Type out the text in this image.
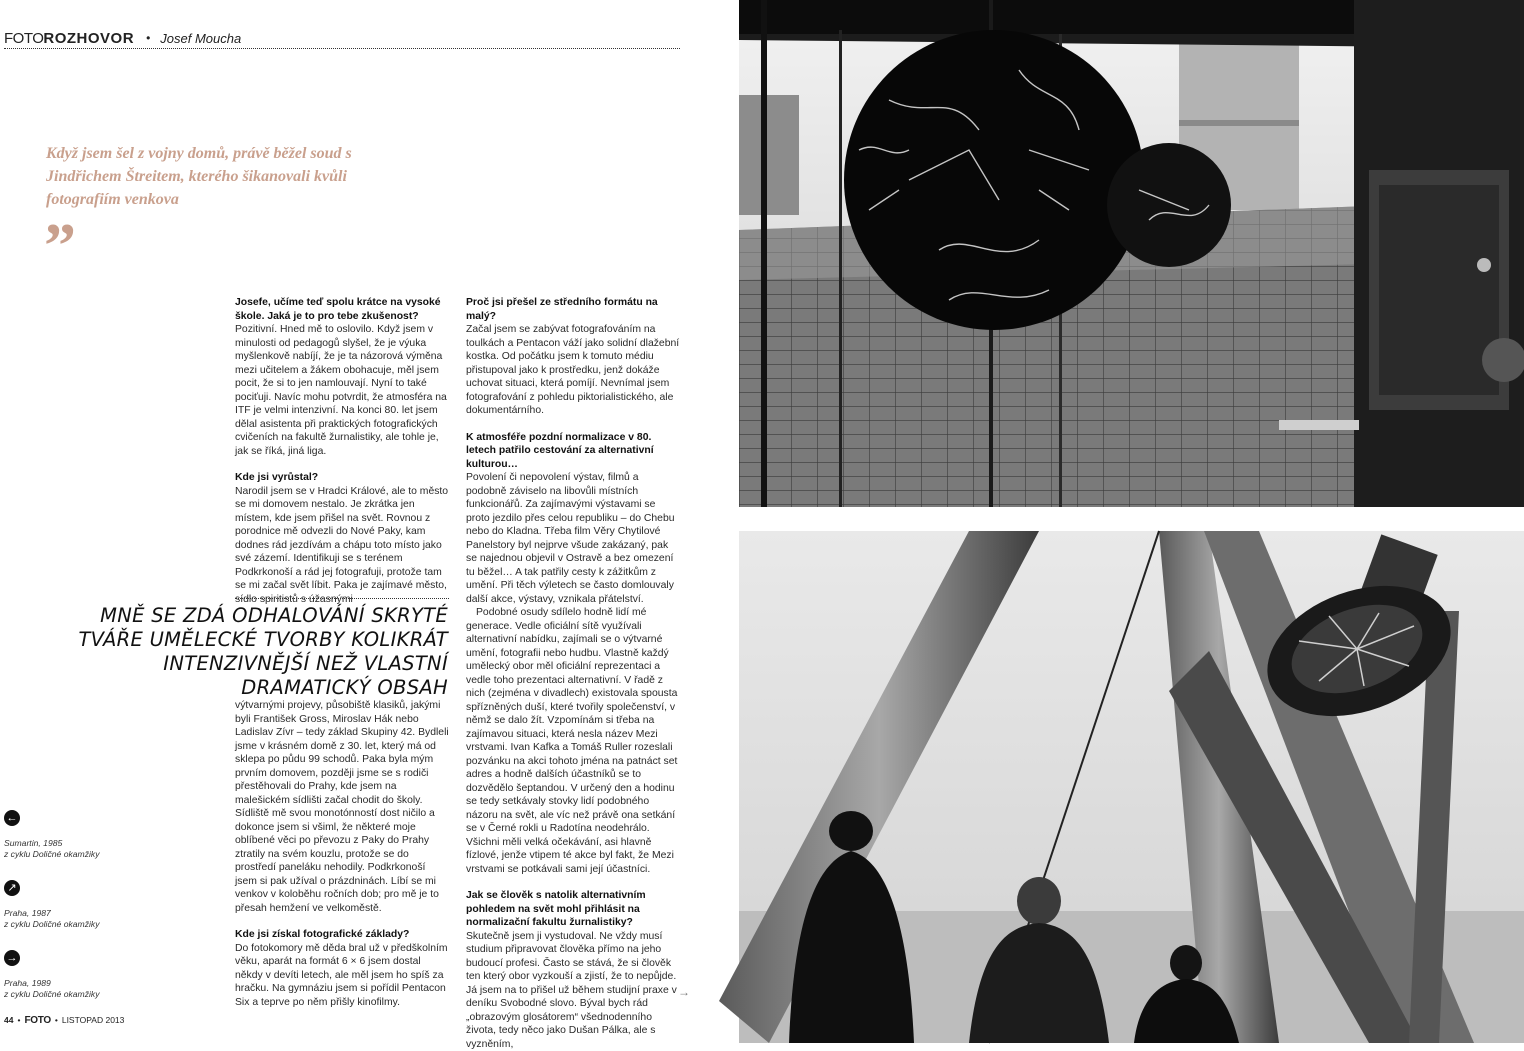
FOTOROZHOVOR • Josef Moucha
Když jsem šel z vojny domů, právě běžel soud s Jindřichem Štreitem, kterého šikanovali kvůli fotografiím venkova
”

Josefe, učíme teď spolu krátce na vysoké škole. Jaká je to pro tebe zkušenost?

Pozitivní. Hned mě to oslovilo. Když jsem v minulosti od pedagogů slyšel, že je výuka myšlenkově nabíjí, že je ta názorová výměna mezi učitelem a žákem obohacuje, měl jsem pocit, že si to jen namlouvají. Nyní to také pociťuji. Navíc mohu potvrdit, že atmosféra na ITF je velmi intenzivní. Na konci 80. let jsem dělal asistenta při praktických fotografických cvičeních na fakultě žurnalistiky, ale tohle je, jak se říká, jiná liga.

Kde jsi vyrůstal?

Narodil jsem se v Hradci Králové, ale to město se mi domovem nestalo. Je zkrátka jen místem, kde jsem přišel na svět. Rovnou z porodnice mě odvezli do Nové Paky, kam dodnes rád jezdívám a chápu toto místo jako své zázemí. Identifikuji se s terénem Podkrkonoší a rád jej fotografuji, protože tam se mi začal svět líbit. Paka je zajímavé město, sídlo spiritistů s úžasnými

MNĚ SE ZDÁ ODHALOVÁNÍ SKRYTÉ TVÁŘE UMĚLECKÉ TVORBY KOLIKRÁT INTENZIVNĚJŠÍ NEŽ VLASTNÍ DRAMATICKÝ OBSAH

výtvarnými projevy, působiště klasiků, jakými byli František Gross, Miroslav Hák nebo Ladislav Zívr – tedy základ Skupiny 42. Bydleli jsme v krásném domě z 30. let, který má od sklepa po půdu 99 schodů. Paka byla mým prvním domovem, později jsme se s rodiči přestěhovali do Prahy, kde jsem na malešickém sídlišti začal chodit do školy. Sídliště mě svou monotónností dost ničilo a dokonce jsem si všiml, že některé moje oblíbené věci po převozu z Paky do Prahy ztratily na svém kouzlu, protože se do prostředí paneláku nehodily. Podkrkonoší jsem si pak užíval o prázdninách. Líbí se mi venkov v koloběhu ročních dob; pro mě je to přesah hemžení ve velkoměstě.

Kde jsi získal fotografické základy?

Do fotokomory mě děda bral už v předškolním věku, aparát na formát 6 × 6 jsem dostal někdy v devíti letech, ale měl jsem ho spíš za hračku. Na gymnáziu jsem si pořídil Pentacon Six a teprve po něm přišly kinofilmy.

Proč jsi přešel ze středního formátu na malý?

Začal jsem se zabývat fotografováním na toulkách a Pentacon váží jako solidní dlažební kostka. Od počátku jsem k tomuto médiu přistupoval jako k prostředku, jenž dokáže uchovat situaci, která pomíjí. Nevnímal jsem fotografování z pohledu piktorialistického, ale dokumentárního.

K atmosféře pozdní normalizace v 80. letech patřilo cestování za alternativní kulturou…

Povolení či nepovolení výstav, filmů a podobně záviselo na libovůli místních funkcionářů. Za zajímavými výstavami se proto jezdilo přes celou republiku – do Chebu nebo do Kladna. Třeba film Věry Chytilové Panelstory byl nejprve všude zakázaný, pak se najednou objevil v Ostravě a bez omezení tu běžel… A tak patřily cesty k zážitkům z umění. Při těch výletech se často domlouvaly další akce, výstavy, vznikala přátelství.

Podobné osudy sdílelo hodně lidí mé generace. Vedle oficiální sítě využívali alternativní nabídku, zajímali se o výtvarné umění, fotografii nebo hudbu. Vlastně každý umělecký obor měl oficiální reprezentaci a vedle toho prezentaci alternativní. V řadě z nich (zejména v divadlech) existovala spousta spřízněných duší, které tvořily společenství, v němž se dalo žít. Vzpomínám si třeba na zajímavou situaci, která nesla název Mezi vrstvami. Ivan Kafka a Tomáš Ruller rozeslali pozvánku na akci tohoto jména na patnáct set adres a hodně dalších účastníků se to dozvědělo šeptandou. V určený den a hodinu se tedy setkávaly stovky lidí podobného názoru na svět, ale víc než právě ona setkání se v Černé rokli u Radotína neodehrálo. Všichni měli velká očekávání, asi hlavně fízlové, jenže vtipem té akce byl fakt, že Mezi vrstvami se potkávali sami její účastníci.

Jak se člověk s natolik alternativním pohledem na svět mohl přihlásit na normalizační fakultu žurnalistiky?

Skutečně jsem ji vystudoval. Ne vždy musí studium připravovat člověka přímo na jeho budoucí profesi. Často se stává, že si člověk ten který obor vyzkouší a zjistí, že to nepůjde. Já jsem na to přišel už během studijní praxe v deníku Svobodné slovo. Býval bych rád „obrazovým glosátorem“ všednodenního života, tedy něco jako Dušan Pálka, ale s vyzněním,

→
←
Sumartin, 1985
z cyklu Doličné okamžiky
↗
Praha, 1987
z cyklu Doličné okamžiky
→
Praha, 1989
z cyklu Doličné okamžiky
44 • FOTO • LISTOPAD 2013
